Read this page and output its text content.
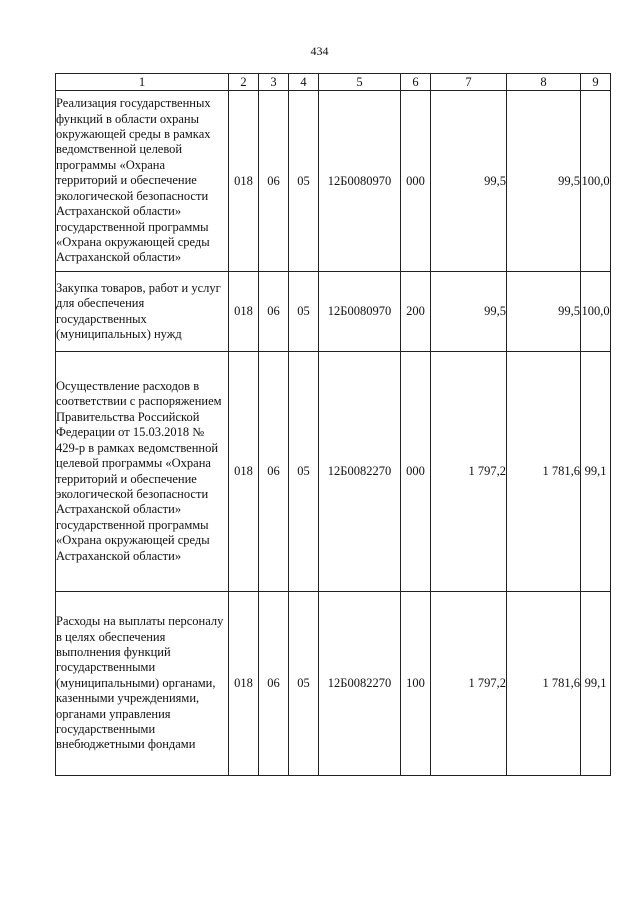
434
1	2	3	4	5	6	7	8	9
Реализация государственных функций в области охраны окружающей среды в рамках ведомственной целевой программы «Охрана территорий и обеспечение экологической безопасности Астраханской области» государственной программы «Охрана окружающей среды Астраханской области»	018	06	05	12Б0080970	000	99,5	99,5	100,0
Закупка товаров, работ и услуг для обеспечения государственных (муниципальных) нужд	018	06	05	12Б0080970	200	99,5	99,5	100,0
Осуществление расходов в соответствии с распоряжением Правительства Российской Федерации от 15.03.2018 № 429-р в рамках ведомственной целевой программы «Охрана территорий и обеспечение экологической безопасности Астраханской области» государственной программы «Охрана окружающей среды Астраханской области»	018	06	05	12Б0082270	000	1 797,2	1 781,6	99,1
Расходы на выплаты персоналу в целях обеспечения выполнения функций государственными (муниципальными) органами, казенными учреждениями, органами управления государственными внебюджетными фондами	018	06	05	12Б0082270	100	1 797,2	1 781,6	99,1
